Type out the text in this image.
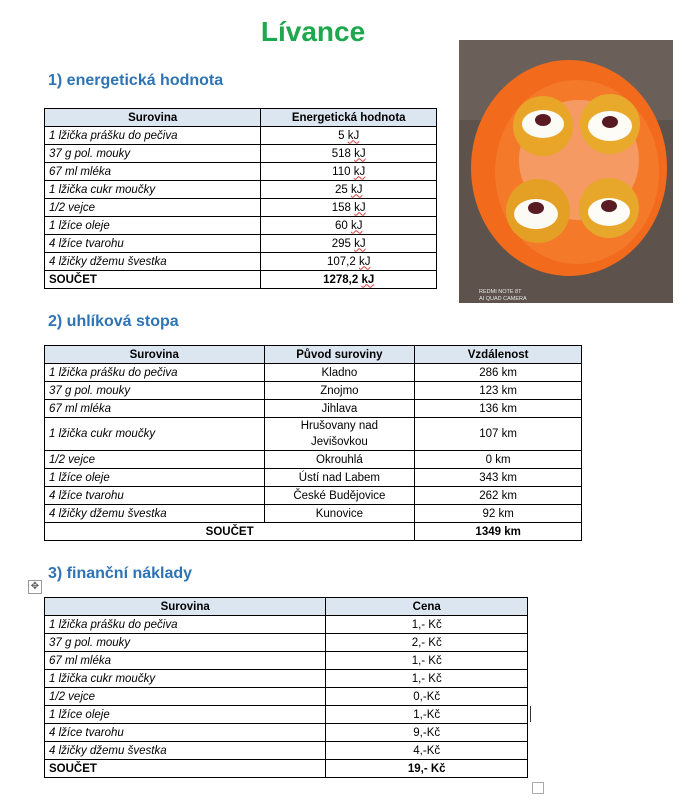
Lívance
1) energetická hodnota
Surovina	Energetická hodnota
1 lžička prášku do pečiva	5 kJ
37 g pol. mouky	518 kJ
67 ml mléka	110 kJ
1 lžička cukr moučky	25 kJ
1/2 vejce	158 kJ
1 lžíce oleje	60 kJ
4 lžíce tvarohu	295 kJ
4 lžičky džemu švestka	107,2 kJ
SOUČET	1278,2 kJ
REDMI NOTE 8T
AI QUAD CAMERA
2) uhlíková stopa
Surovina	Původ suroviny	Vzdálenost
1 lžička prášku do pečiva	Kladno	286 km
37 g pol. mouky	Znojmo	123 km
67 ml mléka	Jihlava	136 km
1 lžička cukr moučky	Hrušovany nad
Jevišovkou	107 km
1/2 vejce	Okrouhlá	0 km
1 lžíce oleje	Ústí nad Labem	343 km
4 lžíce tvarohu	České Budějovice	262 km
4 lžičky džemu švestka	Kunovice	92 km
SOUČET		1349 km
✥
3) finanční náklady
Surovina	Cena
1 lžička prášku do pečiva	1,- Kč
37 g pol. mouky	2,- Kč
67 ml mléka	1,- Kč
1 lžička cukr moučky	1,- Kč
1/2 vejce	0,-Kč
1 lžíce oleje	1,-Kč
4 lžíce tvarohu	9,-Kč
4 lžičky džemu švestka	4,-Kč
SOUČET	19,- Kč
